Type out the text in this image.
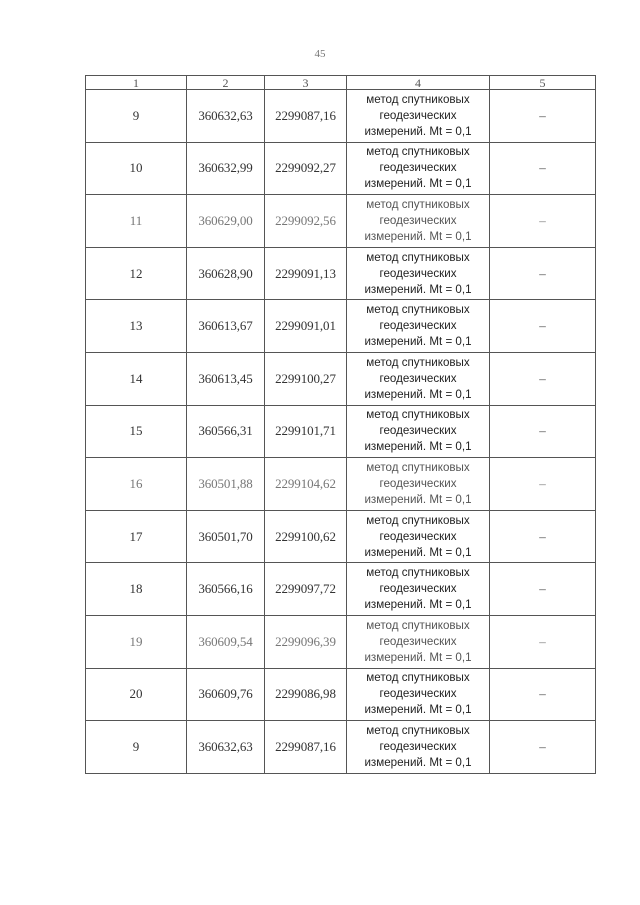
45
1	2	3	4	5
9	360632,63	2299087,16	метод спутниковых
геодезических
измерений. Mt = 0,1	–
10	360632,99	2299092,27	метод спутниковых
геодезических
измерений. Mt = 0,1	–
11	360629,00	2299092,56	метод спутниковых
геодезических
измерений. Mt = 0,1	–
12	360628,90	2299091,13	метод спутниковых
геодезических
измерений. Mt = 0,1	–
13	360613,67	2299091,01	метод спутниковых
геодезических
измерений. Mt = 0,1	–
14	360613,45	2299100,27	метод спутниковых
геодезических
измерений. Mt = 0,1	–
15	360566,31	2299101,71	метод спутниковых
геодезических
измерений. Mt = 0,1	–
16	360501,88	2299104,62	метод спутниковых
геодезических
измерений. Mt = 0,1	–
17	360501,70	2299100,62	метод спутниковых
геодезических
измерений. Mt = 0,1	–
18	360566,16	2299097,72	метод спутниковых
геодезических
измерений. Mt = 0,1	–
19	360609,54	2299096,39	метод спутниковых
геодезических
измерений. Mt = 0,1	–
20	360609,76	2299086,98	метод спутниковых
геодезических
измерений. Mt = 0,1	–
9	360632,63	2299087,16	метод спутниковых
геодезических
измерений. Mt = 0,1	–
